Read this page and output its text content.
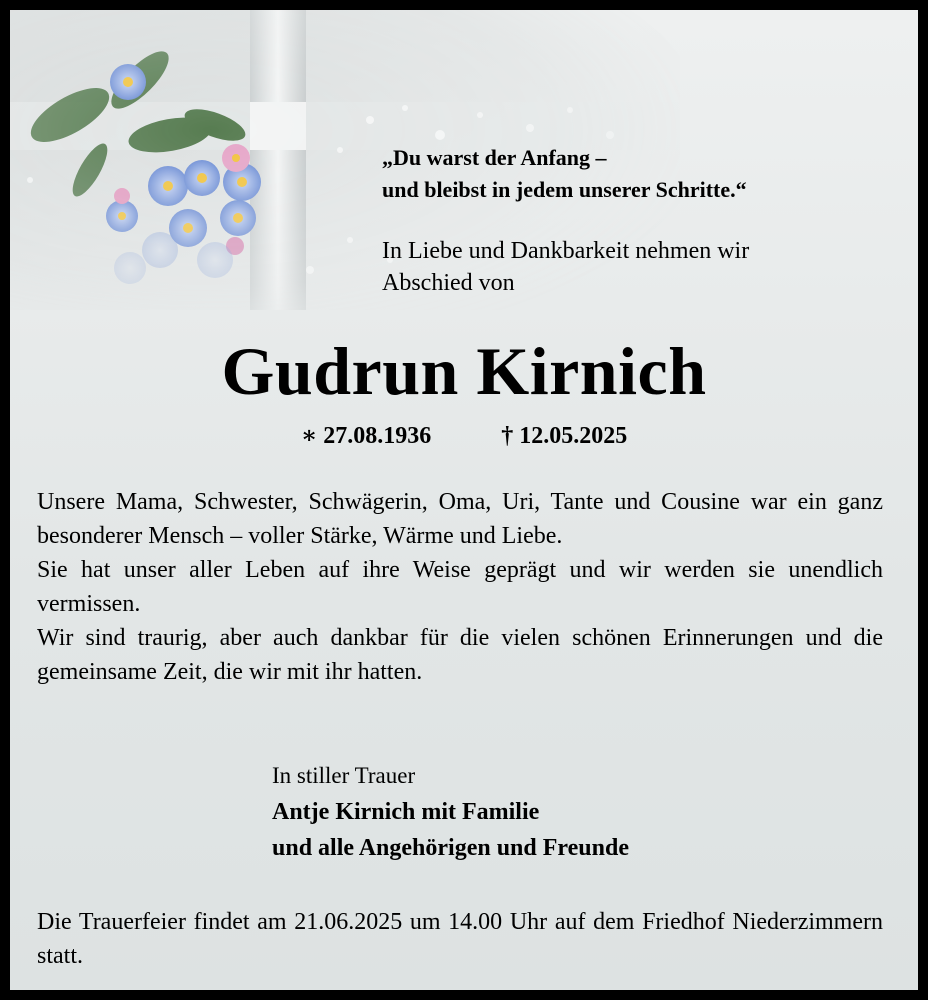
„Du warst der Anfang –
und bleibst in jedem unserer Schritte.“
In Liebe und Dankbarkeit nehmen wir
Abschied von
Gudrun Kirnich
∗ 27.08.1936	† 12.05.2025

Unsere Mama, Schwester, Schwägerin, Oma, Uri, Tante und Cousine war ein ganz besonderer Mensch – voller Stärke, Wärme und Liebe.

Sie hat unser aller Leben auf ihre Weise geprägt und wir werden sie unendlich vermissen.

Wir sind traurig, aber auch dankbar für die vielen schönen Erinnerungen und die gemeinsame Zeit, die wir mit ihr hatten.

In stiller Trauer
Antje Kirnich mit Familie
und alle Angehörigen und Freunde
Die Trauerfeier findet am 21.06.2025 um 14.00 Uhr auf dem Friedhof Niederzimmern statt.
